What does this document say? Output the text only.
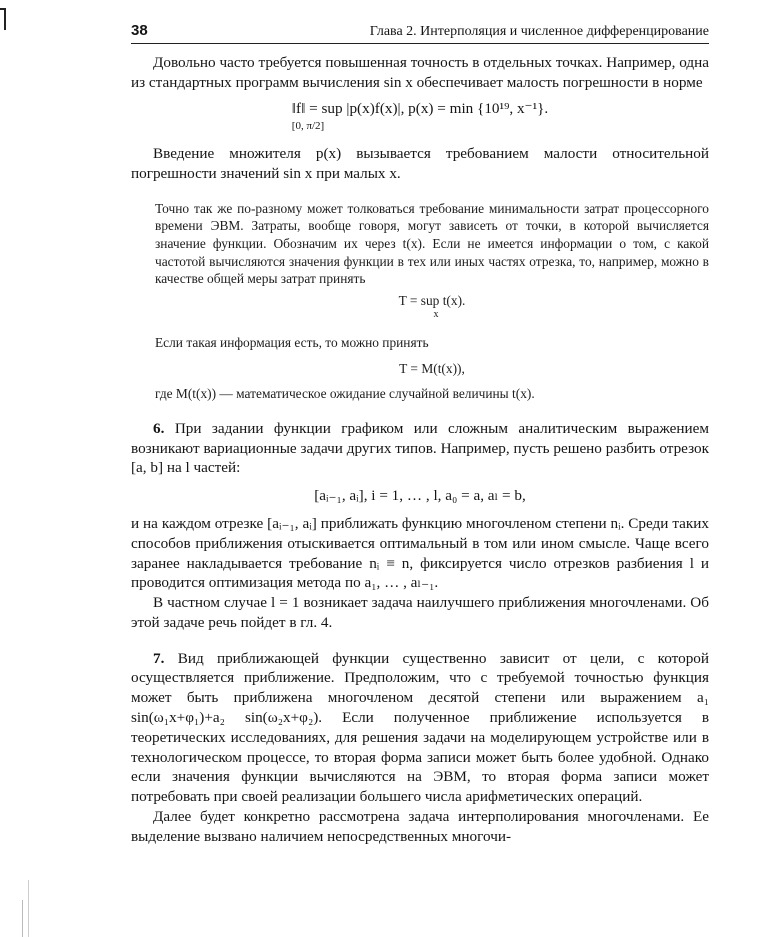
38	Глава 2. Интерполяция и численное дифференцирование

Довольно часто требуется повышенная точность в отдельных точках. Например, одна из стандартных программ вычисления sin x обеспечивает малость погрешности в норме

‖f‖ = sup |p(x)f(x)|, p(x) = min {10¹⁹, x⁻¹}.
[0, π/2]

Введение множителя p(x) вызывается требованием малости относительной погрешности значений sin x при малых x.

Точно так же по-разному может толковаться требование минимальности затрат процессорного времени ЭВМ. Затраты, вообще говоря, могут зависеть от точки, в которой вычисляется значение функции. Обозначим их через t(x). Если не имеется информации о том, с какой частотой вычисляются значения функции в тех или иных частях отрезка, то, например, можно в качестве общей меры затрат принять

T = sup t(x).
$^x$

Если такая информация есть, то можно принять

T = M(t(x)),

где M(t(x)) — математическое ожидание случайной величины t(x).

6. При задании функции графиком или сложным аналитическим выражением возникают вариационные задачи других типов. Например, пусть решено разбить отрезок [a, b] на l частей:

[aᵢ₋₁, aᵢ], i = 1, … , l, a₀ = a, aₗ = b,

и на каждом отрезке [aᵢ₋₁, aᵢ] приближать функцию многочленом степени nᵢ. Среди таких способов приближения отыскивается оптимальный в том или ином смысле. Чаще всего заранее накладывается требование nᵢ ≡ n, фиксируется число отрезков разбиения l и проводится оптимизация метода по a₁, … , aₗ₋₁.

В частном случае l = 1 возникает задача наилучшего приближения многочленами. Об этой задаче речь пойдет в гл. 4.

7. Вид приближающей функции существенно зависит от цели, с которой осуществляется приближение. Предположим, что с требуемой точностью функция может быть приближена многочленом десятой степени или выражением a₁ sin(ω₁x+φ₁)+a₂ sin(ω₂x+φ₂). Если полученное приближение используется в теоретических исследованиях, для решения задачи на моделирующем устройстве или в технологическом процессе, то вторая форма записи может быть более удобной. Однако если значения функции вычисляются на ЭВМ, то вторая форма записи может потребовать при своей реализации большего числа арифметических операций.

Далее будет конкретно рассмотрена задача интерполирования многочленами. Ее выделение вызвано наличием непосредственных многочи-
